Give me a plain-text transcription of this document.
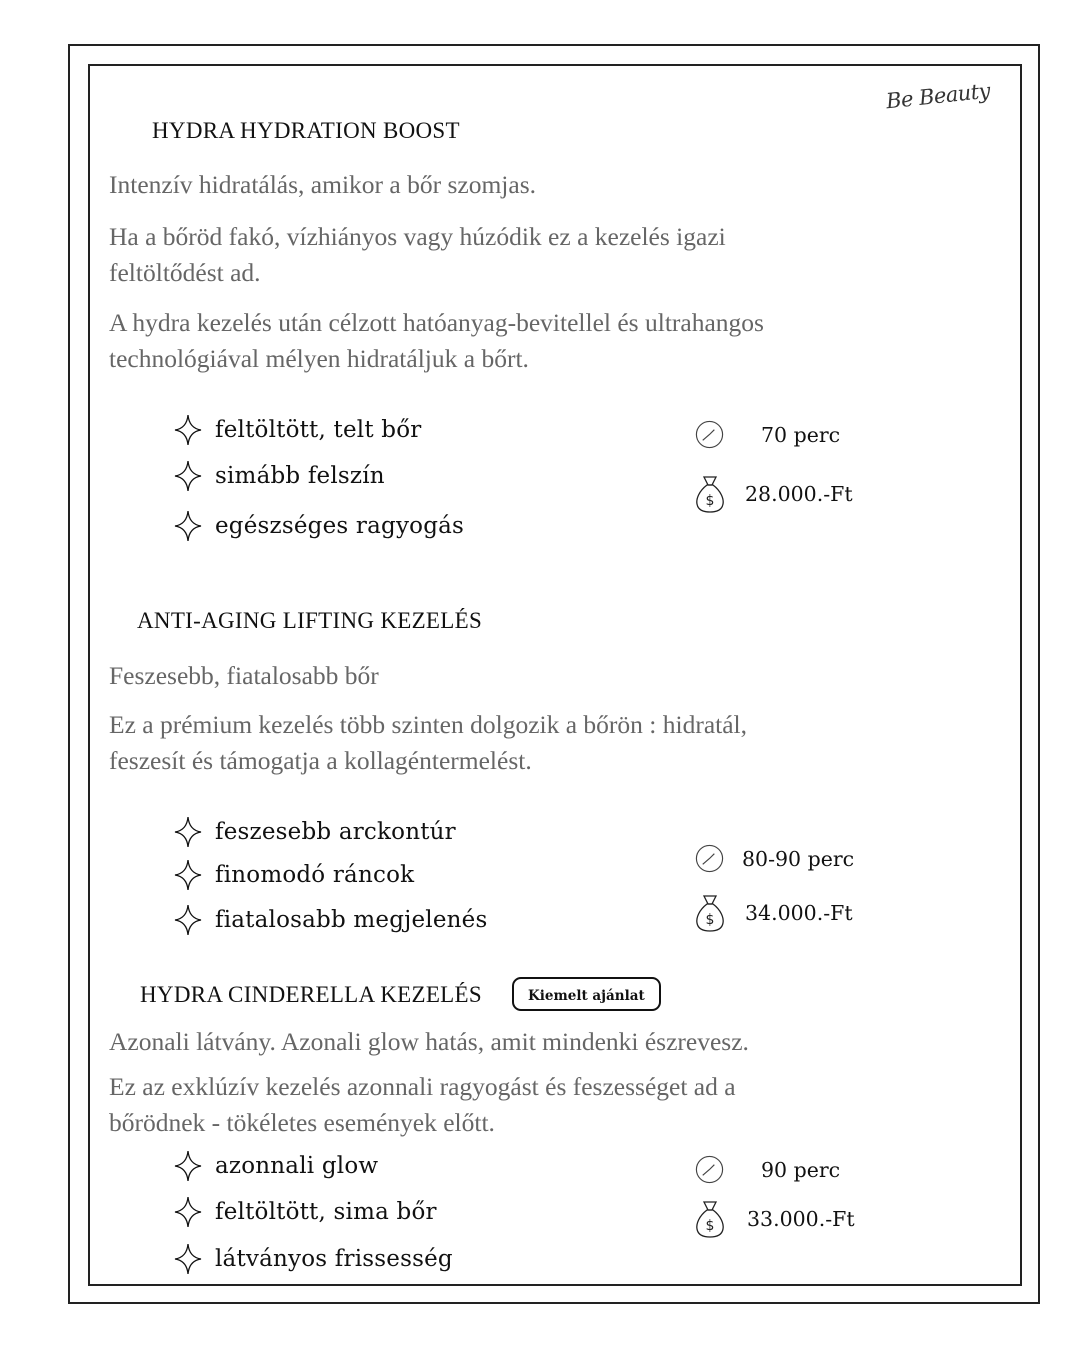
Be Beauty
HYDRA HYDRATION BOOST
Intenzív hidratálás, amikor a bőr szomjas.
Ha a bőröd fakó, vízhiányos vagy húzódik ez a kezelés igazi
feltöltődést ad.
A hydra kezelés után célzott hatóanyag-bevitellel és ultrahangos
technológiával mélyen hidratáljuk a bőrt.
feltöltött, telt bőr
simább felszín
egészséges ragyogás
70 perc
$ 28.000.-Ft
ANTI-AGING LIFTING KEZELÉS
Feszesebb, fiatalosabb bőr
Ez a prémium kezelés több szinten dolgozik a bőrön : hidratál,
feszesít és támogatja a kollagéntermelést.
feszesebb arckontúr
finomodó ráncok
fiatalosabb megjelenés
80-90 perc
$ 34.000.-Ft
HYDRA CINDERELLA KEZELÉS	Kiemelt ajánlat
Azonali látvány. Azonali glow hatás, amit mindenki észrevesz.
Ez az exklúzív kezelés azonnali ragyogást és feszességet ad a
bőrödnek - tökéletes események előtt.
azonnali glow
feltöltött, sima bőr
látványos frissesség
90 perc
$ 33.000.-Ft
